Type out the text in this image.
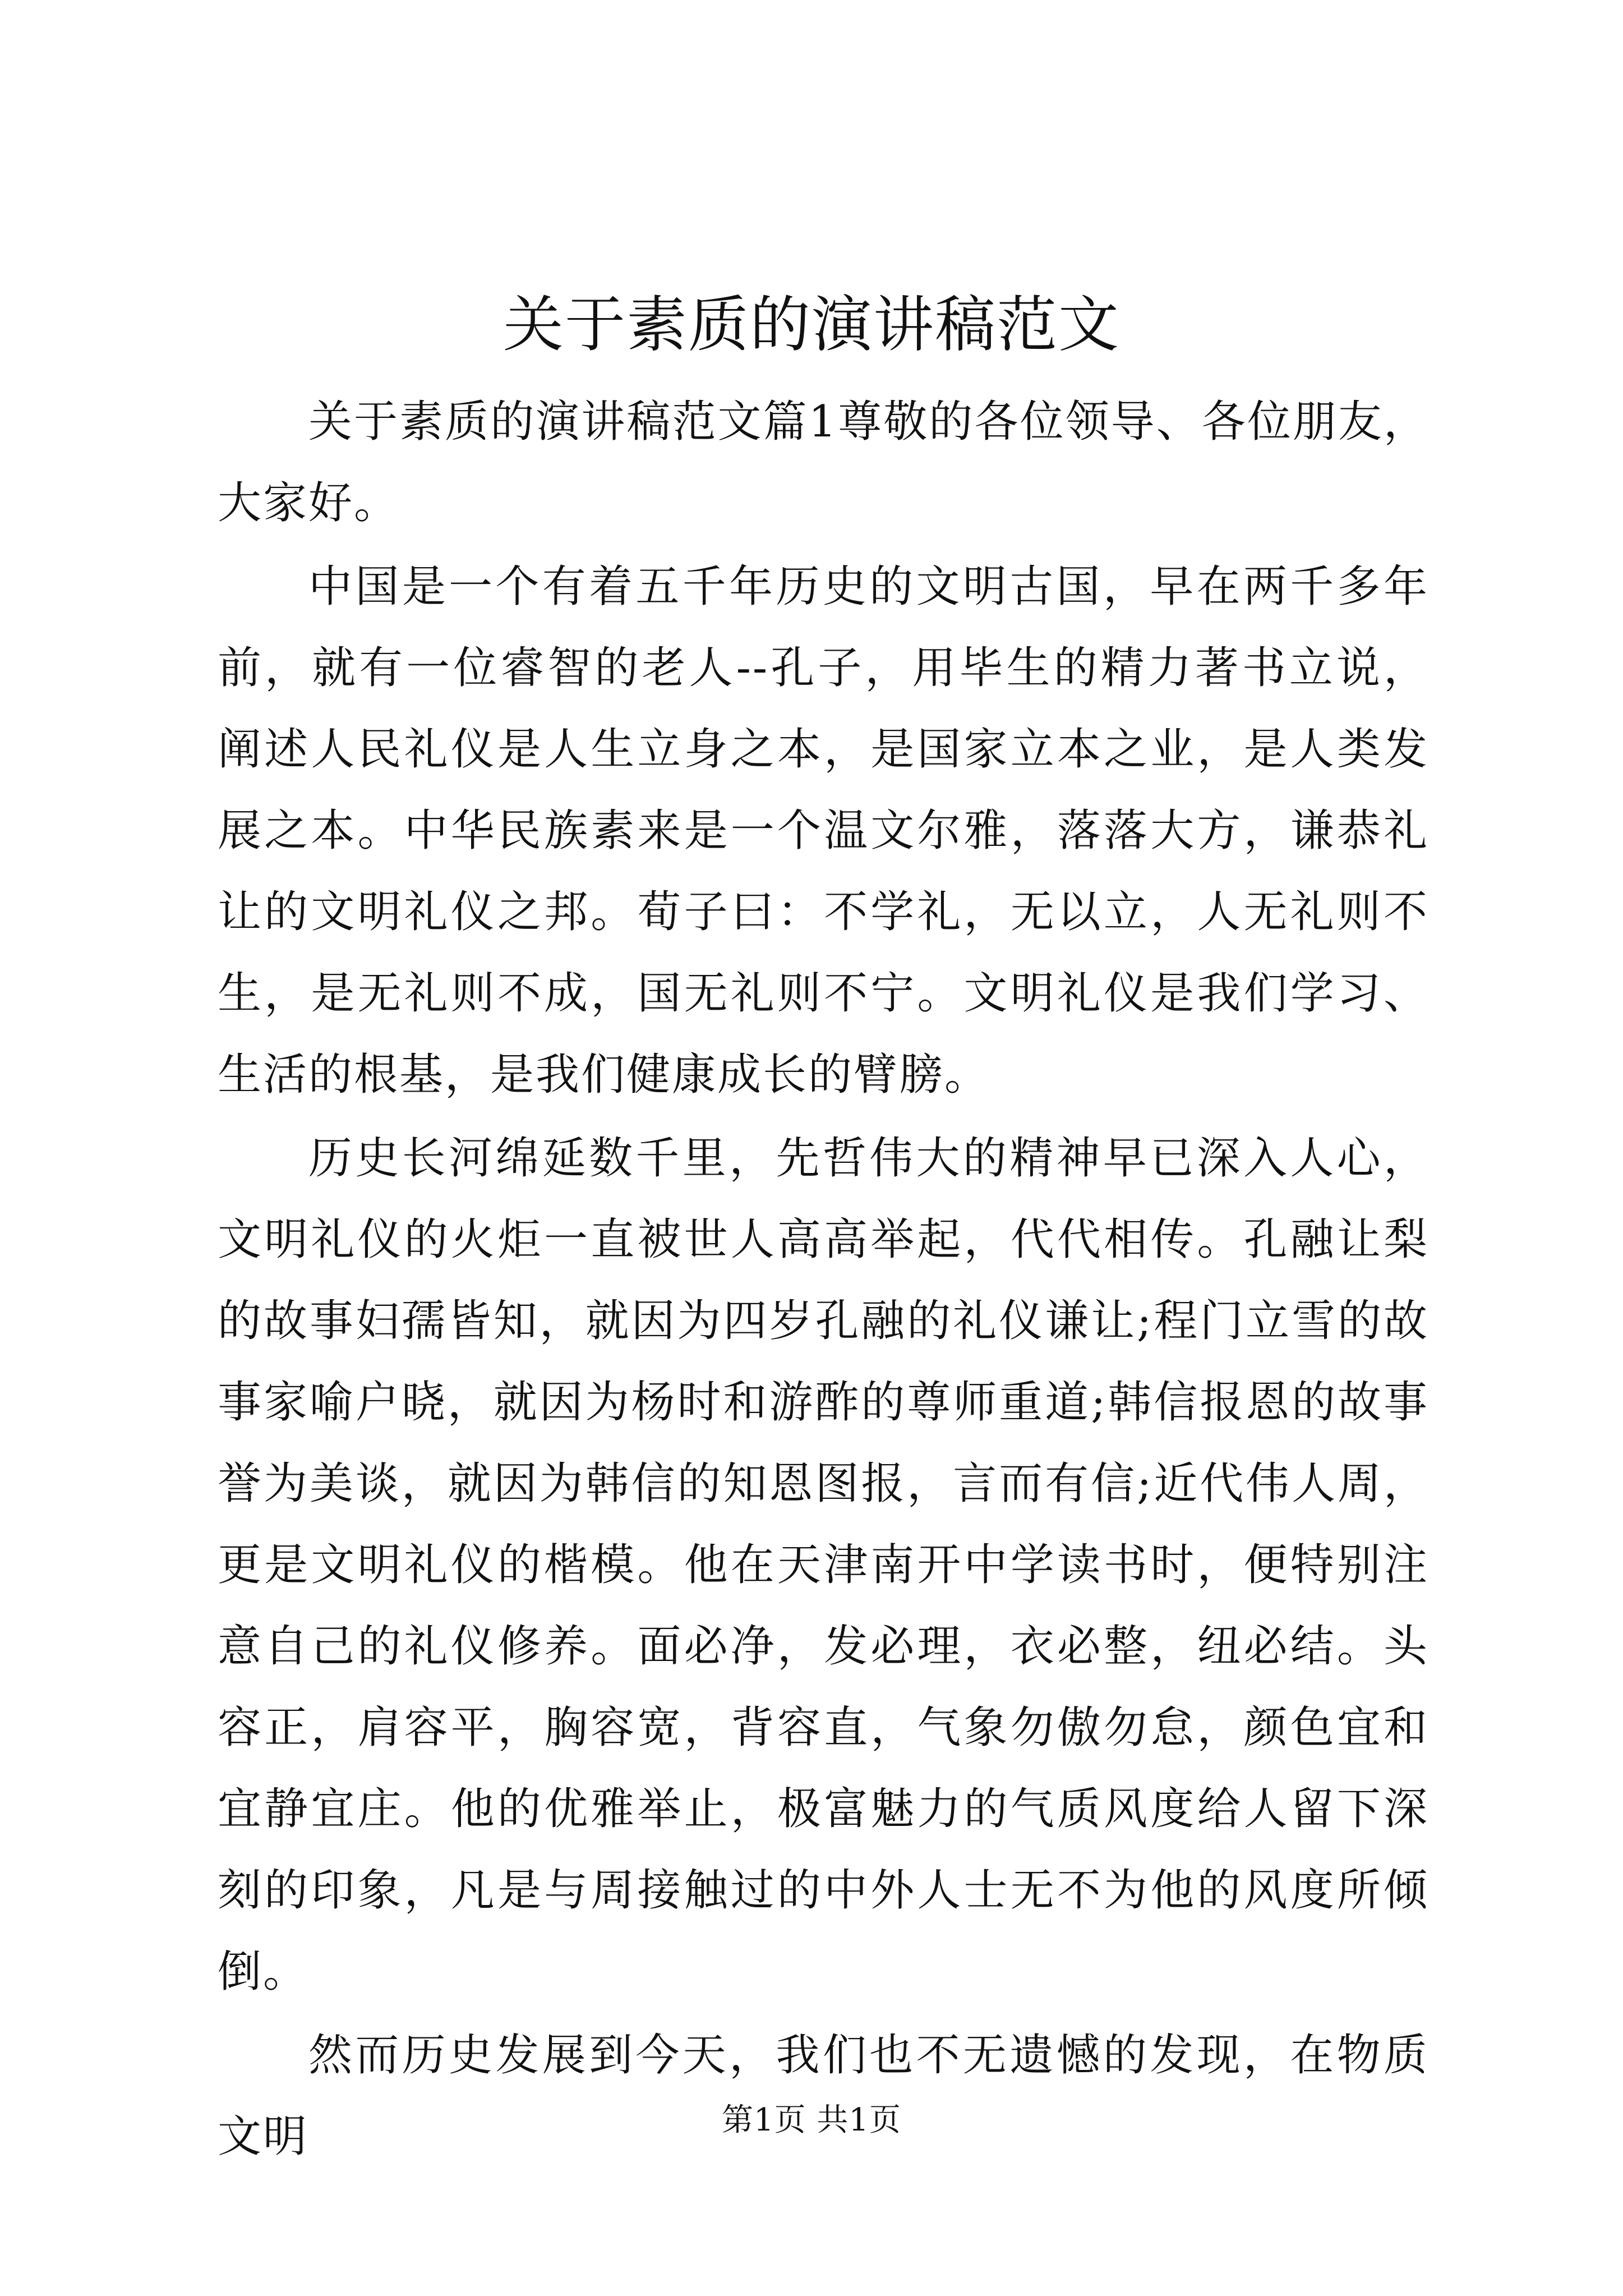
关于素质的演讲稿范文

关于素质的演讲稿范文篇1尊敬的各位领导、各位朋友，大家好。

中国是一个有着五千年历史的文明古国，早在两千多年前，就有一位睿智的老人--孔子，用毕生的精力著书立说，阐述人民礼仪是人生立身之本，是国家立本之业，是人类发展之本。中华民族素来是一个温文尔雅，落落大方，谦恭礼让的文明礼仪之邦。荀子曰：不学礼，无以立，人无礼则不生，是无礼则不成，国无礼则不宁。文明礼仪是我们学习、生活的根基，是我们健康成长的臂膀。

历史长河绵延数千里，先哲伟大的精神早已深入人心，文明礼仪的火炬一直被世人高高举起，代代相传。孔融让梨的故事妇孺皆知，就因为四岁孔融的礼仪谦让;程门立雪的故事家喻户晓，就因为杨时和游酢的尊师重道;韩信报恩的故事誉为美谈，就因为韩信的知恩图报，言而有信;近代伟人周，更是文明礼仪的楷模。他在天津南开中学读书时，便特别注意自己的礼仪修养。面必净，发必理，衣必整，纽必结。头容正，肩容平，胸容宽，背容直，气象勿傲勿怠，颜色宜和宜静宜庄。他的优雅举止，极富魅力的气质风度给人留下深刻的印象，凡是与周接触过的中外人士无不为他的风度所倾倒。

然而历史发展到今天，我们也不无遗憾的发现，在物质文明	第1页 共1页
